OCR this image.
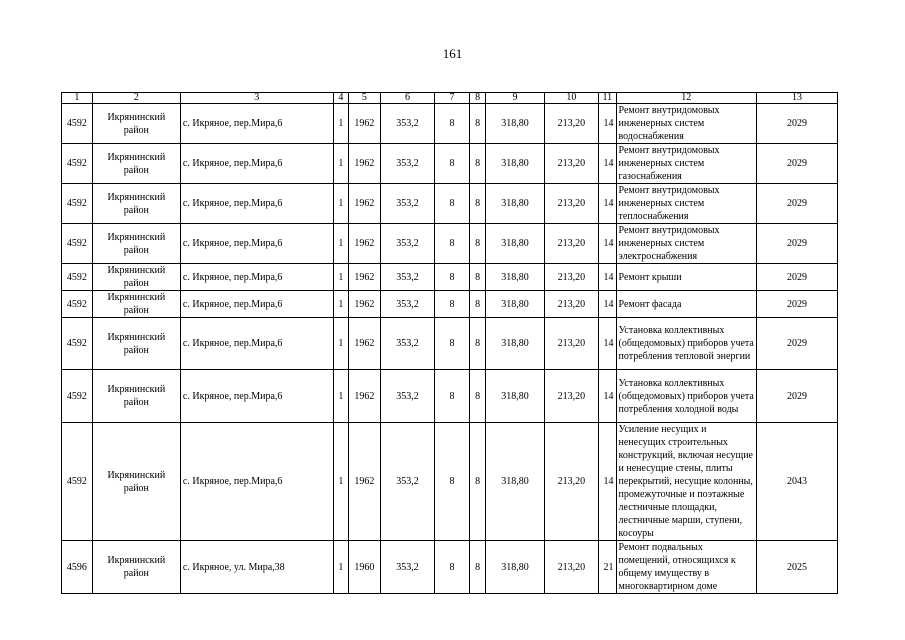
161
1	2	3	4	5	6	7	8	9	10	11	12	13
4592	Икрянинский район	с. Икряное, пер.Мира,6	1	1962	353,2	8	8	318,80	213,20	14	Ремонт внутридомовых инженерных систем водоснабжения	2029
4592	Икрянинский район	с. Икряное, пер.Мира,6	1	1962	353,2	8	8	318,80	213,20	14	Ремонт внутридомовых инженерных систем газоснабжения	2029
4592	Икрянинский район	с. Икряное, пер.Мира,6	1	1962	353,2	8	8	318,80	213,20	14	Ремонт внутридомовых инженерных систем теплоснабжения	2029
4592	Икрянинский район	с. Икряное, пер.Мира,6	1	1962	353,2	8	8	318,80	213,20	14	Ремонт внутридомовых инженерных систем электроснабжения	2029
4592	Икрянинский район	с. Икряное, пер.Мира,6	1	1962	353,2	8	8	318,80	213,20	14	Ремонт крыши	2029
4592	Икрянинский район	с. Икряное, пер.Мира,6	1	1962	353,2	8	8	318,80	213,20	14	Ремонт фасада	2029
4592	Икрянинский район	с. Икряное, пер.Мира,6	1	1962	353,2	8	8	318,80	213,20	14	Установка коллективных (общедомовых) приборов учета потребления тепловой энергии	2029
4592	Икрянинский район	с. Икряное, пер.Мира,6	1	1962	353,2	8	8	318,80	213,20	14	Установка коллективных (общедомовых) приборов учета потребления холодной воды	2029
4592	Икрянинский район	с. Икряное, пер.Мира,6	1	1962	353,2	8	8	318,80	213,20	14	Усиление несущих и ненесущих строительных конструкций, включая несущие и ненесущие стены, плиты перекрытий, несущие колонны, промежуточные и поэтажные лестничные площадки, лестничные марши, ступени, косоуры	2043
4596	Икрянинский район	с. Икряное, ул. Мира,38	1	1960	353,2	8	8	318,80	213,20	21	Ремонт подвальных помещений, относящихся к общему имуществу в многоквартирном доме	2025
